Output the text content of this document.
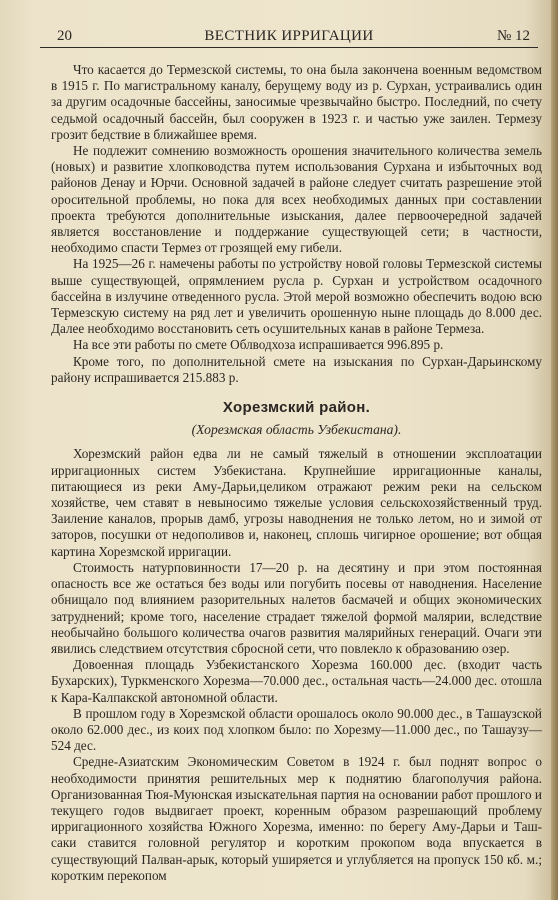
20	ВЕСТНИК ИРРИГАЦИИ	№ 12

Что касается до Термезской системы, то она была закончена военным ведомством в 1915 г. По магистральному каналу, берущему воду из р. Сурхан, устраивались один за другим осадочные бассейны, заносимые чрезвычайно быстро. Последний, по счету седьмой осадочный бассейн, был сооружен в 1923 г. и частью уже заилен. Термезу грозит бедствие в ближайшее время.

Не подлежит сомнению возможность орошения значительного количества земель (новых) и развитие хлопководства путем использования Сурхана и избыточных вод районов Денау и Юрчи. Основной задачей в районе следует считать разрешение этой оросительной проблемы, но пока для всех необходимых данных при составлении проекта требуются дополнительные изыскания, далее первоочередной задачей является восстановление и поддержание существующей сети; в частности, необходимо спасти Термез от грозящей ему гибели.

На 1925—26 г. намечены работы по устройству новой головы Термезской системы выше существующей, опрямлением русла р. Сурхан и устройством осадочного бассейна в излучине отведенного русла. Этой мерой возможно обеспечить водою всю Термезскую систему на ряд лет и увеличить орошенную ныне площадь до 8.000 дес. Далее необходимо восстановить сеть осушительных канав в районе Термеза.

На все эти работы по смете Облводхоза испрашивается 996.895 р.

Кроме того, по дополнительной смете на изыскания по Сурхан-Дарьинскому району испрашивается 215.883 р.

Хорезмский район.
(Хорезмская область Узбекистана).

Хорезмский район едва ли не самый тяжелый в отношении эксплоатации ирригационных систем Узбекистана. Крупнейшие ирригационные каналы, питающиеся из реки Аму-Дарьи,целиком отражают режим реки на сельском хозяйстве, чем ставят в невыносимо тяжелые условия сельскохозяйственный труд. Заиление каналов, прорыв дамб, угрозы наводнения не только летом, но и зимой от заторов, посушки от недополивов и, наконец, сплошь чигирное орошение; вот общая картина Хорезмской ирригации.

Стоимость натурповинности 17—20 р. на десятину и при этом постоянная опасность все же остаться без воды или погубить посевы от наводнения. Население обнищало под влиянием разорительных налетов басмачей и общих экономических затруднений; кроме того, население страдает тяжелой формой малярии, вследствие необычайно большого количества очагов развития малярийных генераций. Очаги эти явились следствием отсутствия сбросной сети, что повлекло к образованию озер.

Довоенная площадь Узбекистанского Хорезма 160.000 дес. (входит часть Бухарских), Туркменского Хорезма—70.000 дес., остальная часть—24.000 дес. отошла к Кара-Калпакской автономной области.

В прошлом году в Хорезмской области орошалось около 90.000 дес., в Ташаузской около 62.000 дес., из коих под хлопком было: по Хорезму—11.000 дес., по Ташаузу—524 дес.

Средне-Азиатским Экономическим Советом в 1924 г. был поднят вопрос о необходимости принятия решительных мер к поднятию благополучия района. Организованная Тюя-Муюнская изыскательная партия на основании работ прошлого и текущего годов выдвигает проект, коренным образом разрешающий проблему ирригационного хозяйства Южного Хорезма, именно: по берегу Аму-Дарьи и Таш-саки ставится головной регулятор и коротким прокопом вода впускается в существующий Палван-арык, который уширяется и углубляется на пропуск 150 кб. м.; коротким перекопом
